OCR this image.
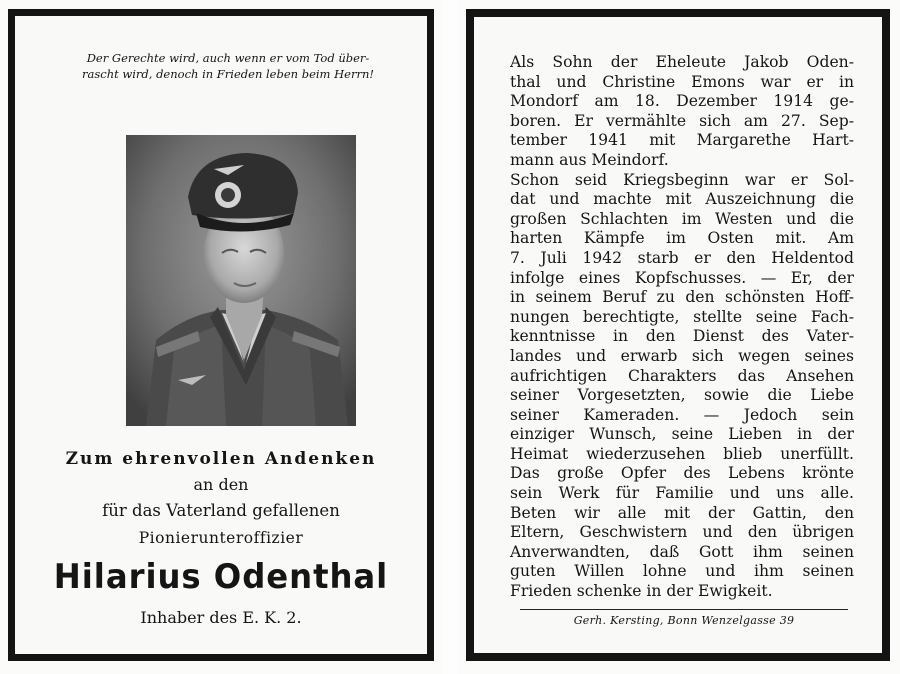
Der Gerechte wird, auch wenn er vom Tod über-
rascht wird, denoch in Frieden leben beim Herrn!
Zum ehrenvollen Andenken
an den
für das Vaterland gefallenen
Pionierunteroffizier
Hilarius Odenthal
Inhaber des E. K. 2.
Als Sohn der Eheleute Jakob Oden-
thal und Christine Emons war er in
Mondorf am 18. Dezember 1914 ge-
boren. Er vermählte sich am 27. Sep-
tember 1941 mit Margarethe Hart-
mann aus Meindorf.
Schon seid Kriegsbeginn war er Sol-
dat und machte mit Auszeichnung die
großen Schlachten im Westen und die
harten Kämpfe im Osten mit. Am
7. Juli 1942 starb er den Heldentod
infolge eines Kopfschusses. — Er, der
in seinem Beruf zu den schönsten Hoff-
nungen berechtigte, stellte seine Fach-
kenntnisse in den Dienst des Vater-
landes und erwarb sich wegen seines
aufrichtigen Charakters das Ansehen
seiner Vorgesetzten, sowie die Liebe
seiner Kameraden. — Jedoch sein
einziger Wunsch, seine Lieben in der
Heimat wiederzusehen blieb unerfüllt.
Das große Opfer des Lebens krönte
sein Werk für Familie und uns alle.
Beten wir alle mit der Gattin, den
Eltern, Geschwistern und den übrigen
Anverwandten, daß Gott ihm seinen
guten Willen lohne und ihm seinen
Frieden schenke in der Ewigkeit.
Gerh. Kersting, Bonn Wenzelgasse 39
